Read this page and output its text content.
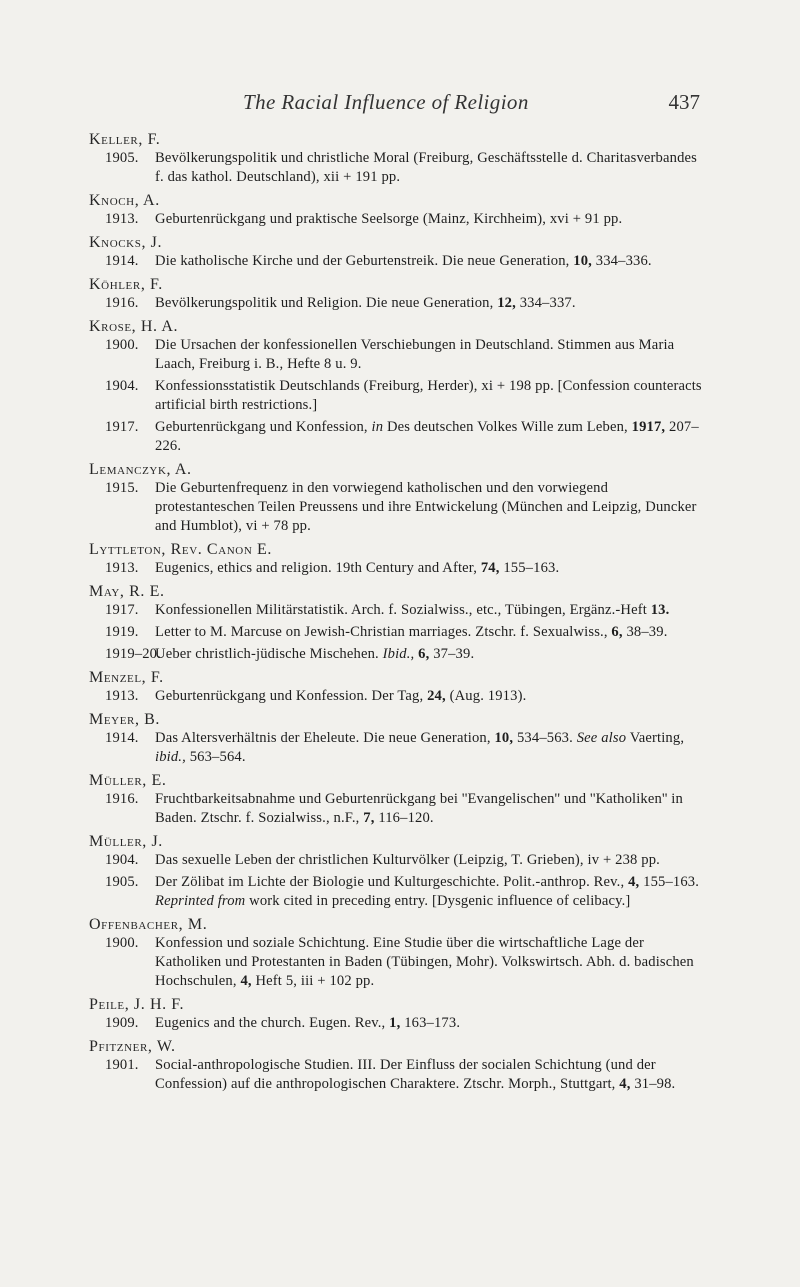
The Racial Influence of Religion	437
Keller, F.
1905. Bevölkerungspolitik und christliche Moral (Freiburg, Geschäftsstelle d. Charitasverbandes f. das kathol. Deutschland), xii + 191 pp.
Knoch, A.
1913. Geburtenrückgang und praktische Seelsorge (Mainz, Kirchheim), xvi + 91 pp.
Knocks, J.
1914. Die katholische Kirche und der Geburtenstreik. Die neue Generation, 10, 334–336.
Köhler, F.
1916. Bevölkerungspolitik und Religion. Die neue Generation, 12, 334–337.
Krose, H. A.
1900. Die Ursachen der konfessionellen Verschiebungen in Deutschland. Stimmen aus Maria Laach, Freiburg i. B., Hefte 8 u. 9.
1904. Konfessionsstatistik Deutschlands (Freiburg, Herder), xi + 198 pp. [Confession counteracts artificial birth restrictions.]
1917. Geburtenrückgang und Konfession, in Des deutschen Volkes Wille zum Leben, 1917, 207–226.
Lemanczyk, A.
1915. Die Geburtenfrequenz in den vorwiegend katholischen und den vorwiegend protestanteschen Teilen Preussens und ihre Entwickelung (München and Leipzig, Duncker and Humblot), vi + 78 pp.
Lyttleton, Rev. Canon E.
1913. Eugenics, ethics and religion. 19th Century and After, 74, 155–163.
May, R. E.
1917. Konfessionellen Militärstatistik. Arch. f. Sozialwiss., etc., Tübingen, Ergänz.-Heft 13.
1919. Letter to M. Marcuse on Jewish-Christian marriages. Ztschr. f. Sexualwiss., 6, 38–39.
1919–20.
Ueber christlich-jüdische Mischehen. Ibid., 6, 37–39.
Menzel, F.
1913. Geburtenrückgang und Konfession. Der Tag, 24, (Aug. 1913).
Meyer, B.
1914. Das Altersverhältnis der Eheleute. Die neue Generation, 10, 534–563. See also Vaerting, ibid., 563–564.
Müller, E.
1916. Fruchtbarkeitsabnahme und Geburtenrückgang bei ''Evangelischen'' und ''Katholiken'' in Baden. Ztschr. f. Sozialwiss., n.F., 7, 116–120.
Müller, J.
1904. Das sexuelle Leben der christlichen Kulturvölker (Leipzig, T. Grieben), iv + 238 pp.
1905. Der Zölibat im Lichte der Biologie und Kulturgeschichte. Polit.-anthrop. Rev., 4, 155–163. Reprinted from work cited in preceding entry. [Dysgenic influence of celibacy.]
Offenbacher, M.
1900. Konfession und soziale Schichtung. Eine Studie über die wirtschaftliche Lage der Katholiken und Protestanten in Baden (Tübingen, Mohr). Volkswirtsch. Abh. d. badischen Hochschulen, 4, Heft 5, iii + 102 pp.
Peile, J. H. F.
1909. Eugenics and the church. Eugen. Rev., 1, 163–173.
Pfitzner, W.
1901. Social-anthropologische Studien. III. Der Einfluss der socialen Schichtung (und der Confession) auf die anthropologischen Charaktere. Ztschr. Morph., Stuttgart, 4, 31–98.
